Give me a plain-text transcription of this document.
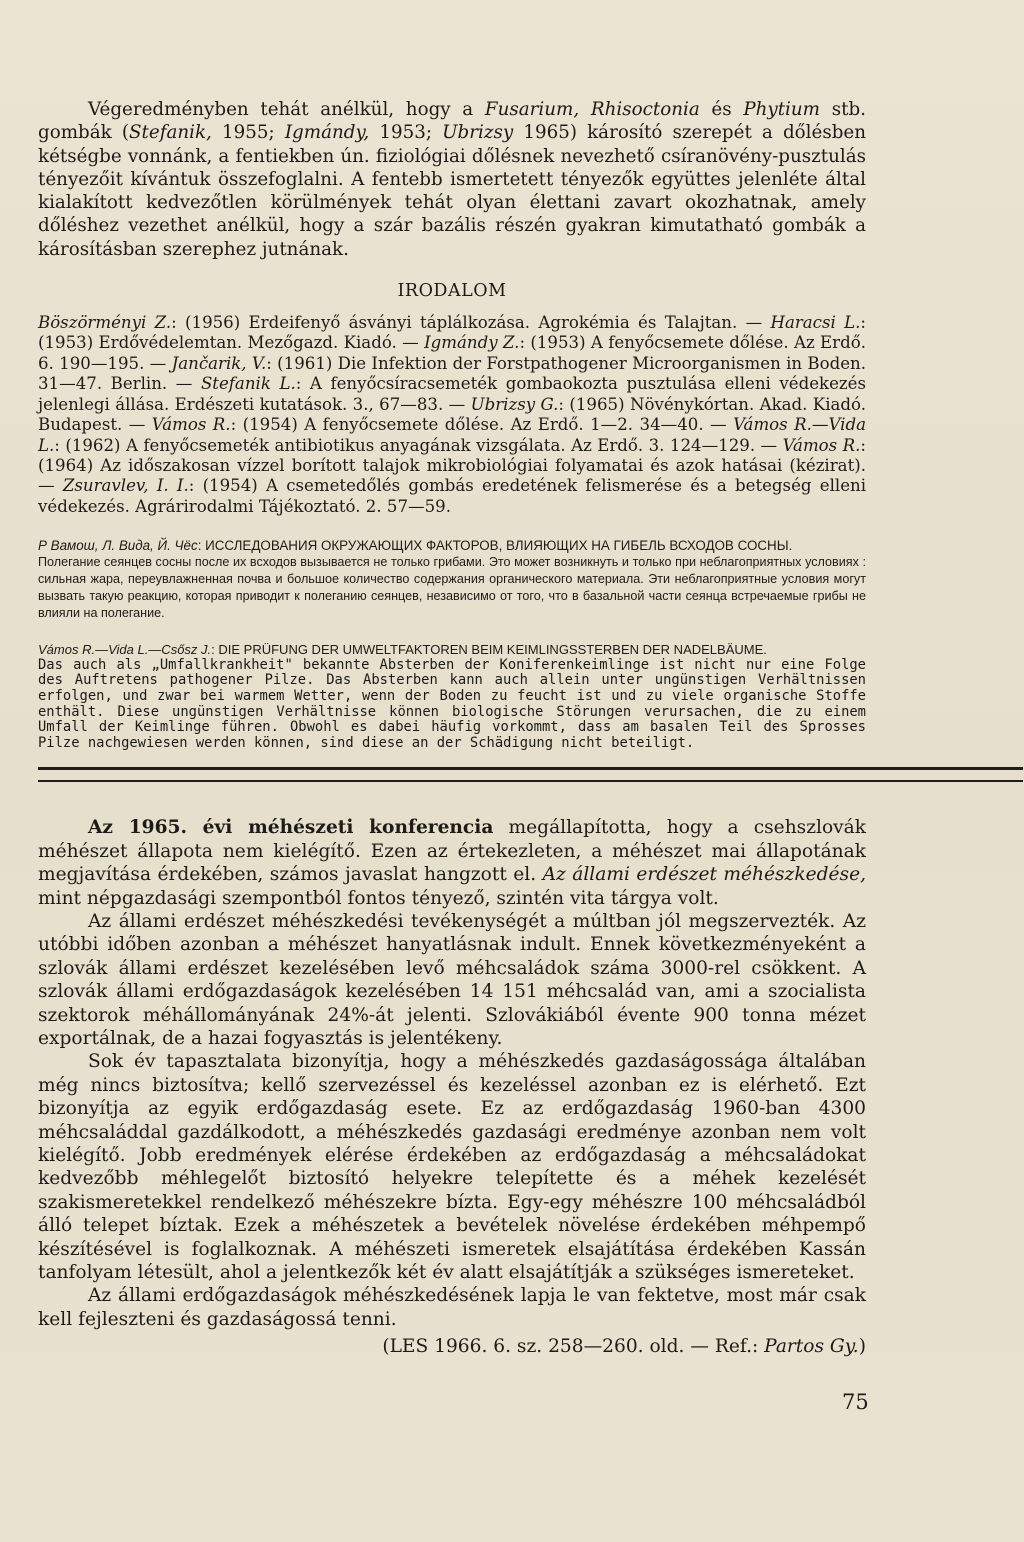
Végeredményben tehát anélkül, hogy a Fusarium, Rhisoctonia és Phytium stb. gombák (Stefanik, 1955; Igmándy, 1953; Ubrizsy 1965) károsító szerepét a dőlésben kétségbe vonnánk, a fentiekben ún. fiziológiai dőlésnek nevezhető csíranövény-pusztulás tényezőit kívántuk összefoglalni. A fentebb ismertetett tényezők együttes jelenléte által kialakított kedvezőtlen körülmények tehát olyan élettani zavart okozhatnak, amely dőléshez vezethet anélkül, hogy a szár bazális részén gyakran kimutatható gombák a károsításban szerephez jutnának.

IRODALOM

Böszörményi Z.: (1956) Erdeifenyő ásványi táplálkozása. Agrokémia és Talajtan. — Haracsi L.: (1953) Erdővédelemtan. Mezőgazd. Kiadó. — Igmándy Z.: (1953) A fenyőcsemete dőlése. Az Erdő. 6. 190—195. — Jančarik, V.: (1961) Die Infektion der Forstpathogener Microorganismen in Boden. 31—47. Berlin. — Stefanik L.: A fenyőcsíracsemeték gombaokozta pusztulása elleni védekezés jelenlegi állása. Erdészeti kutatások. 3., 67—83. — Ubrizsy G.: (1965) Növénykórtan. Akad. Kiadó. Budapest. — Vámos R.: (1954) A fenyőcsemete dőlése. Az Erdő. 1—2. 34—40. — Vámos R.—Vida L.: (1962) A fenyőcsemeték antibiotikus anyagának vizsgálata. Az Erdő. 3. 124—129. — Vámos R.: (1964) Az időszakosan vízzel borított talajok mikrobiológiai folyamatai és azok hatásai (kézirat). — Zsuravlev, I. I.: (1954) A csemetedőlés gombás eredetének felismerése és a betegség elleni védekezés. Agrárirodalmi Tájékoztató. 2. 57—59.

Р Вамош, Л. Вида, Й. Чёс: ИССЛЕДОВАНИЯ ОКРУЖАЮЩИХ ФАКТОРОВ, ВЛИЯЮЩИХ НА ГИБЕЛЬ ВСХОДОВ СОСНЫ.

Полегание сеянцев сосны после их всходов вызывается не только грибами. Это может возникнуть и только при неблагоприятных условиях : сильная жара, переувлажненная почва и большое количество содержания органического материала. Эти неблагоприятные условия могут вызвать такую реакцию, которая приводит к полеганию сеянцев, независимо от того, что в базальной части сеянца встречаемые грибы не влияли на полегание.

Vámos R.—Vida L.—Csősz J.: DIE PRÜFUNG DER UMWELTFAKTOREN BEIM KEIMLINGSSTERBEN DER NADELBÄUME.

Das auch als „Umfallkrankheit" bekannte Absterben der Koniferenkeimlinge ist nicht nur eine Folge des Auftretens pathogener Pilze. Das Absterben kann auch allein unter ungünstigen Verhältnissen erfolgen, und zwar bei warmem Wetter, wenn der Boden zu feucht ist und zu viele organische Stoffe enthält. Diese ungünstigen Verhältnisse können biologische Störungen verursachen, die zu einem Umfall der Keimlinge führen. Obwohl es dabei häufig vorkommt, dass am basalen Teil des Sprosses Pilze nachgewiesen werden können, sind diese an der Schädigung nicht beteiligt.

Az 1965. évi méhészeti konferencia megállapította, hogy a csehszlovák méhészet állapota nem kielégítő. Ezen az értekezleten, a méhészet mai állapotának megjavítása érdekében, számos javaslat hangzott el. Az állami erdészet méhészkedése, mint népgazdasági szempontból fontos tényező, szintén vita tárgya volt.

Az állami erdészet méhészkedési tevékenységét a múltban jól megszervezték. Az utóbbi időben azonban a méhészet hanyatlásnak indult. Ennek következményeként a szlovák állami erdészet kezelésében levő méhcsaládok száma 3000-rel csökkent. A szlovák állami erdőgazdaságok kezelésében 14 151 méhcsalád van, ami a szocialista szektorok méhállományának 24%-át jelenti. Szlovákiából évente 900 tonna mézet exportálnak, de a hazai fogyasztás is jelentékeny.

Sok év tapasztalata bizonyítja, hogy a méhészkedés gazdaságossága általában még nincs biztosítva; kellő szervezéssel és kezeléssel azonban ez is elérhető. Ezt bizonyítja az egyik erdőgazdaság esete. Ez az erdőgazdaság 1960-ban 4300 méhcsaláddal gazdálkodott, a méhészkedés gazdasági eredménye azonban nem volt kielégítő. Jobb eredmények elérése érdekében az erdőgazdaság a méhcsaládokat kedvezőbb méhlegelőt biztosító helyekre telepítette és a méhek kezelését szakismeretekkel rendelkező méhészekre bízta. Egy-egy méhészre 100 méhcsaládból álló telepet bíztak. Ezek a méhészetek a bevételek növelése érdekében méhpempő készítésével is foglalkoznak. A méhészeti ismeretek elsajátítása érdekében Kassán tanfolyam létesült, ahol a jelentkezők két év alatt elsajátítják a szükséges ismereteket.

Az állami erdőgazdaságok méhészkedésének lapja le van fektetve, most már csak kell fejleszteni és gazdaságossá tenni.

(LES 1966. 6. sz. 258—260. old. — Ref.: Partos Gy.)

75
